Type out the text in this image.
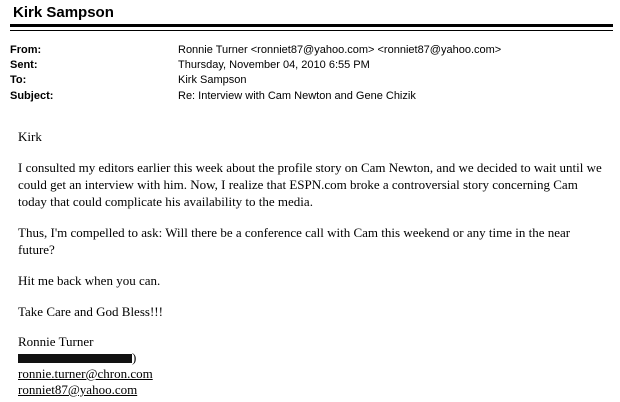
Kirk Sampson
From:	Ronnie Turner <ronniet87@yahoo.com> <ronniet87@yahoo.com>
Sent:	Thursday, November 04, 2010 6:55 PM
To:	Kirk Sampson
Subject:	Re: Interview with Cam Newton and Gene Chizik

Kirk

I consulted my editors earlier this week about the profile story on Cam Newton, and we decided to wait until we

could get an interview with him. Now, I realize that ESPN.com broke a controversial story concerning Cam

today that could complicate his availability to the media.

Thus, I'm compelled to ask: Will there be a conference call with Cam this weekend or any time in the near

future?

Hit me back when you can.

Take Care and God Bless!!!

Ronnie Turner

)

ronnie.turner@chron.com

ronniet87@yahoo.com
